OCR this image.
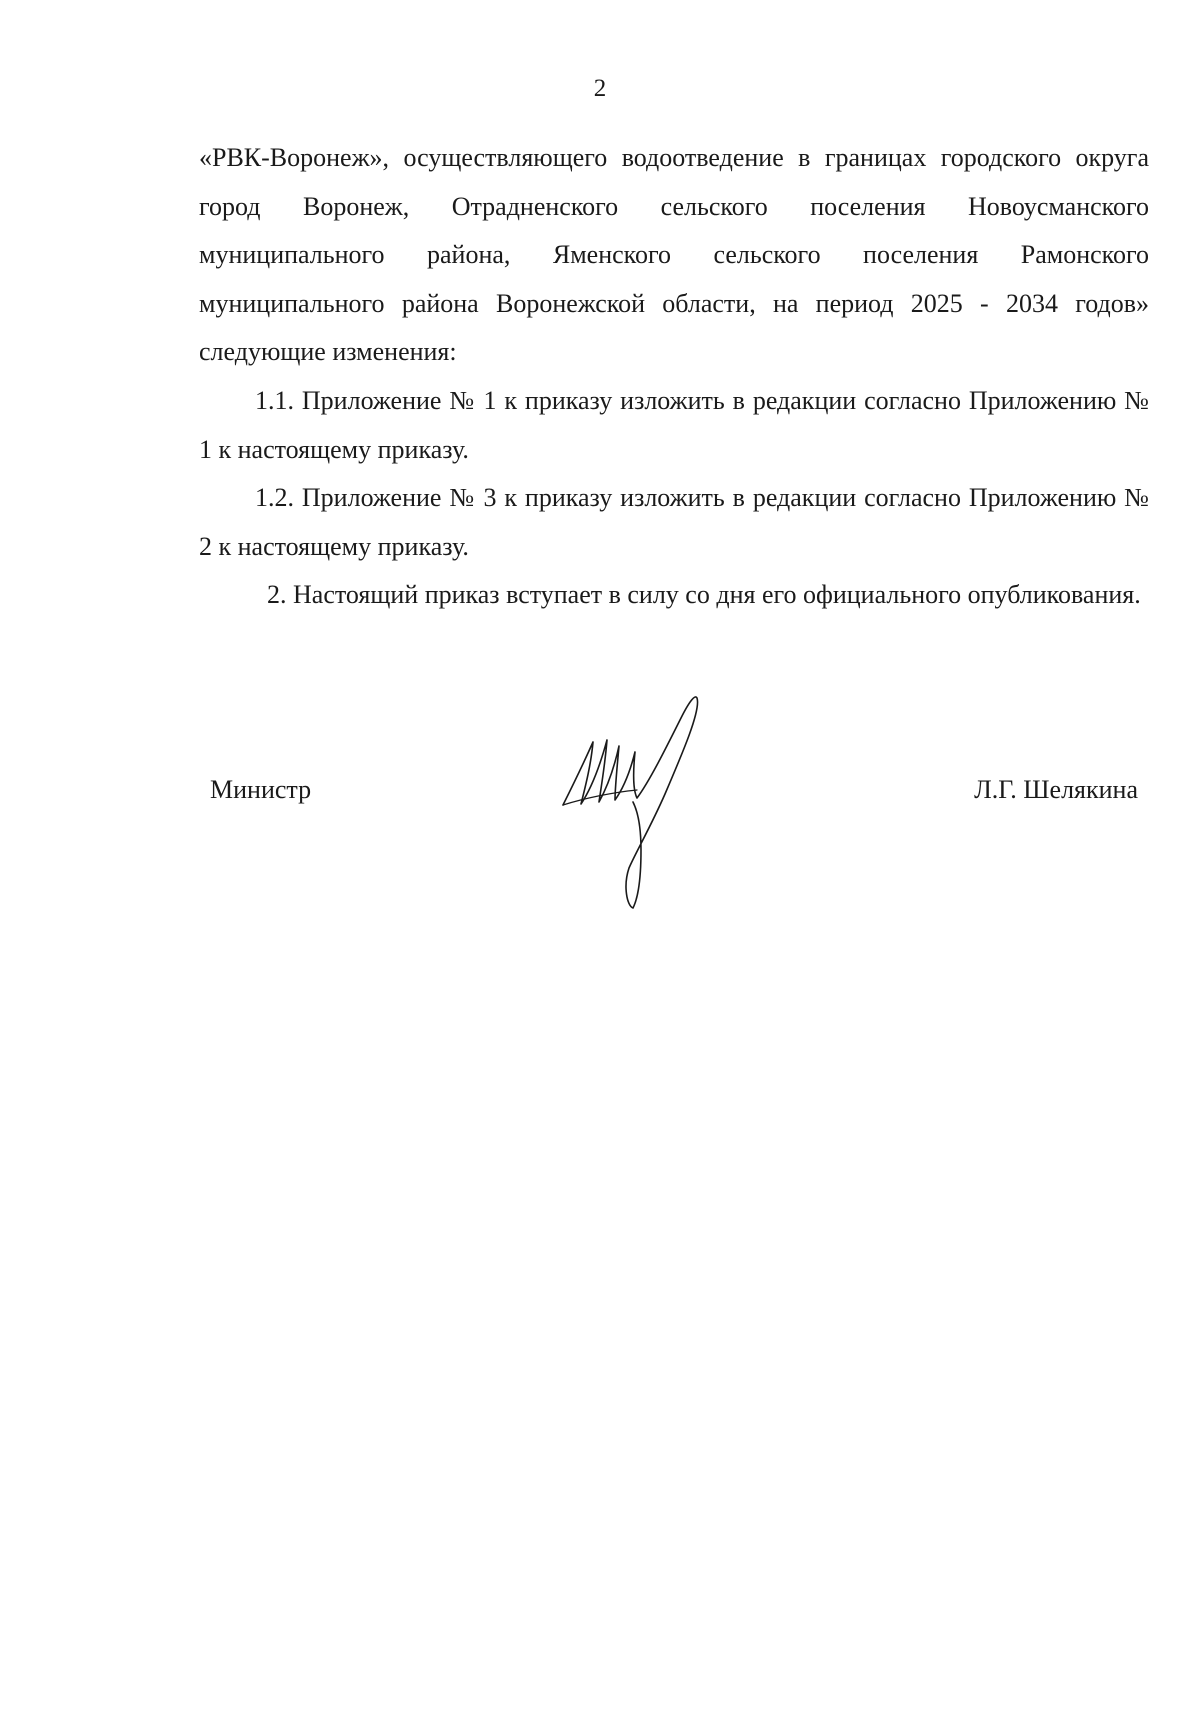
2

«РВК-Воронеж», осуществляющего водоотведение в границах городского округа город Воронеж, Отрадненского сельского поселения Новоусманского муниципального района, Яменского сельского поселения Рамонского муниципального района Воронежской области, на период 2025 - 2034 годов» следующие изменения:

1.1. Приложение № 1 к приказу изложить в редакции согласно Приложению № 1 к настоящему приказу.

1.2. Приложение № 3 к приказу изложить в редакции согласно Приложению № 2 к настоящему приказу.

2. Настоящий приказ вступает в силу со дня его официального опубликования.

Министр	Л.Г. Шелякина
